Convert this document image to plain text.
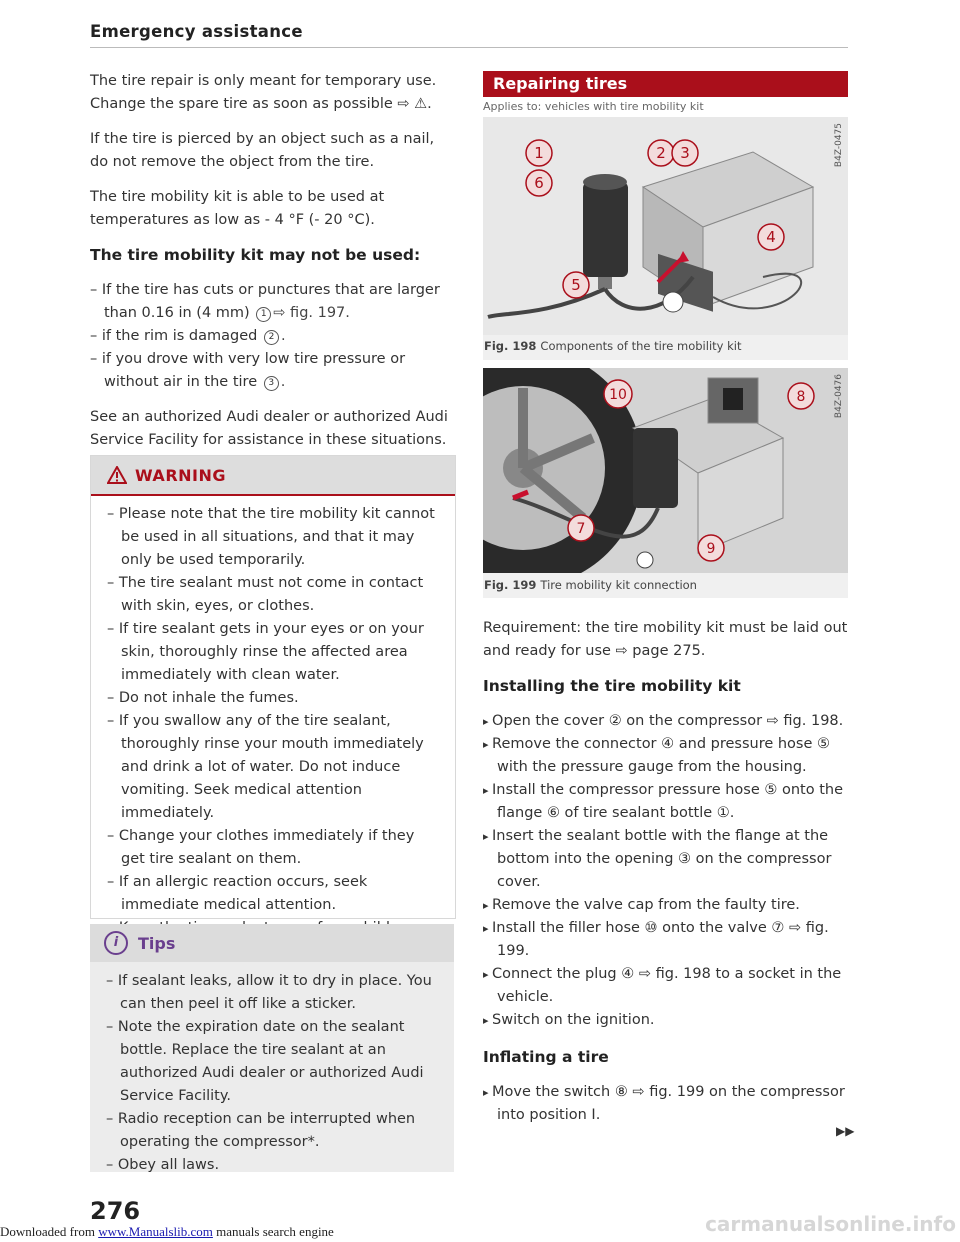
Emergency assistance

The tire repair is only meant for temporary use. Change the spare tire as soon as possible ⇨ ⚠.

If the tire is pierced by an object such as a nail, do not remove the object from the tire.

The tire mobility kit is able to be used at temperatures as low as - 4 °F (- 20 °C).

The tire mobility kit may not be used:
– If the tire has cuts or punctures that are larger than 0.16 in (4 mm) 1 ⇨ fig. 197.
– if the rim is damaged 2 .
– if you drove with very low tire pressure or without air in the tire 3 .

See an authorized Audi dealer or authorized Audi Service Facility for assistance in these situations.

WARNING
– Please note that the tire mobility kit cannot be used in all situations, and that it may only be used temporarily.
– The tire sealant must not come in contact with skin, eyes, or clothes.
– If tire sealant gets in your eyes or on your skin, thoroughly rinse the affected area immediately with clean water.
– Do not inhale the fumes.
– If you swallow any of the tire sealant, thoroughly rinse your mouth immediately and drink a lot of water. Do not induce vomiting. Seek medical attention immediately.
– Change your clothes immediately if they get tire sealant on them.
– If an allergic reaction occurs, seek immediate medical attention.
–
i	Tips
– If sealant leaks, allow it to dry in place. You can then peel it off like a sticker.
– Note the expiration date on the sealant bottle. Replace the tire sealant at an authorized Audi dealer or authorized Audi Service Facility.
– Radio reception can be interrupted when operating the compressor*.
– Obey all laws.
276
Repairing tires
Applies to: vehicles with tire mobility kit
1	2 3
4
5
6
B4Z-0475
Fig. 198 Components of the tire mobility kit
10	8
7
9
B4Z-0476
Fig. 199 Tire mobility kit connection

Requirement: the tire mobility kit must be laid out and ready for use ⇨ page 275.

Installing the tire mobility kit
▸ Open the cover ② on the compressor ⇨ fig. 198.
▸ Remove the connector ④ and pressure hose ⑤ with the pressure gauge from the housing.
▸ Install the compressor pressure hose ⑤ onto the flange ⑥ of tire sealant bottle ①.
▸ Insert the sealant bottle with the flange at the bottom into the opening ③ on the compressor cover.
▸ Remove the valve cap from the faulty tire.
▸ Install the filler hose ⑩ onto the valve ⑦ ⇨ fig. 199.
▸ Connect the plug ④ ⇨ fig. 198 to a socket in the vehicle.
▸ Switch on the ignition.
Inflating a tire
▸ Move the switch ⑧ ⇨ fig. 199 on the compressor into position I.
▶▶
Downloaded from www.Manualslib.com manuals search engine	carmanualsonline.info
